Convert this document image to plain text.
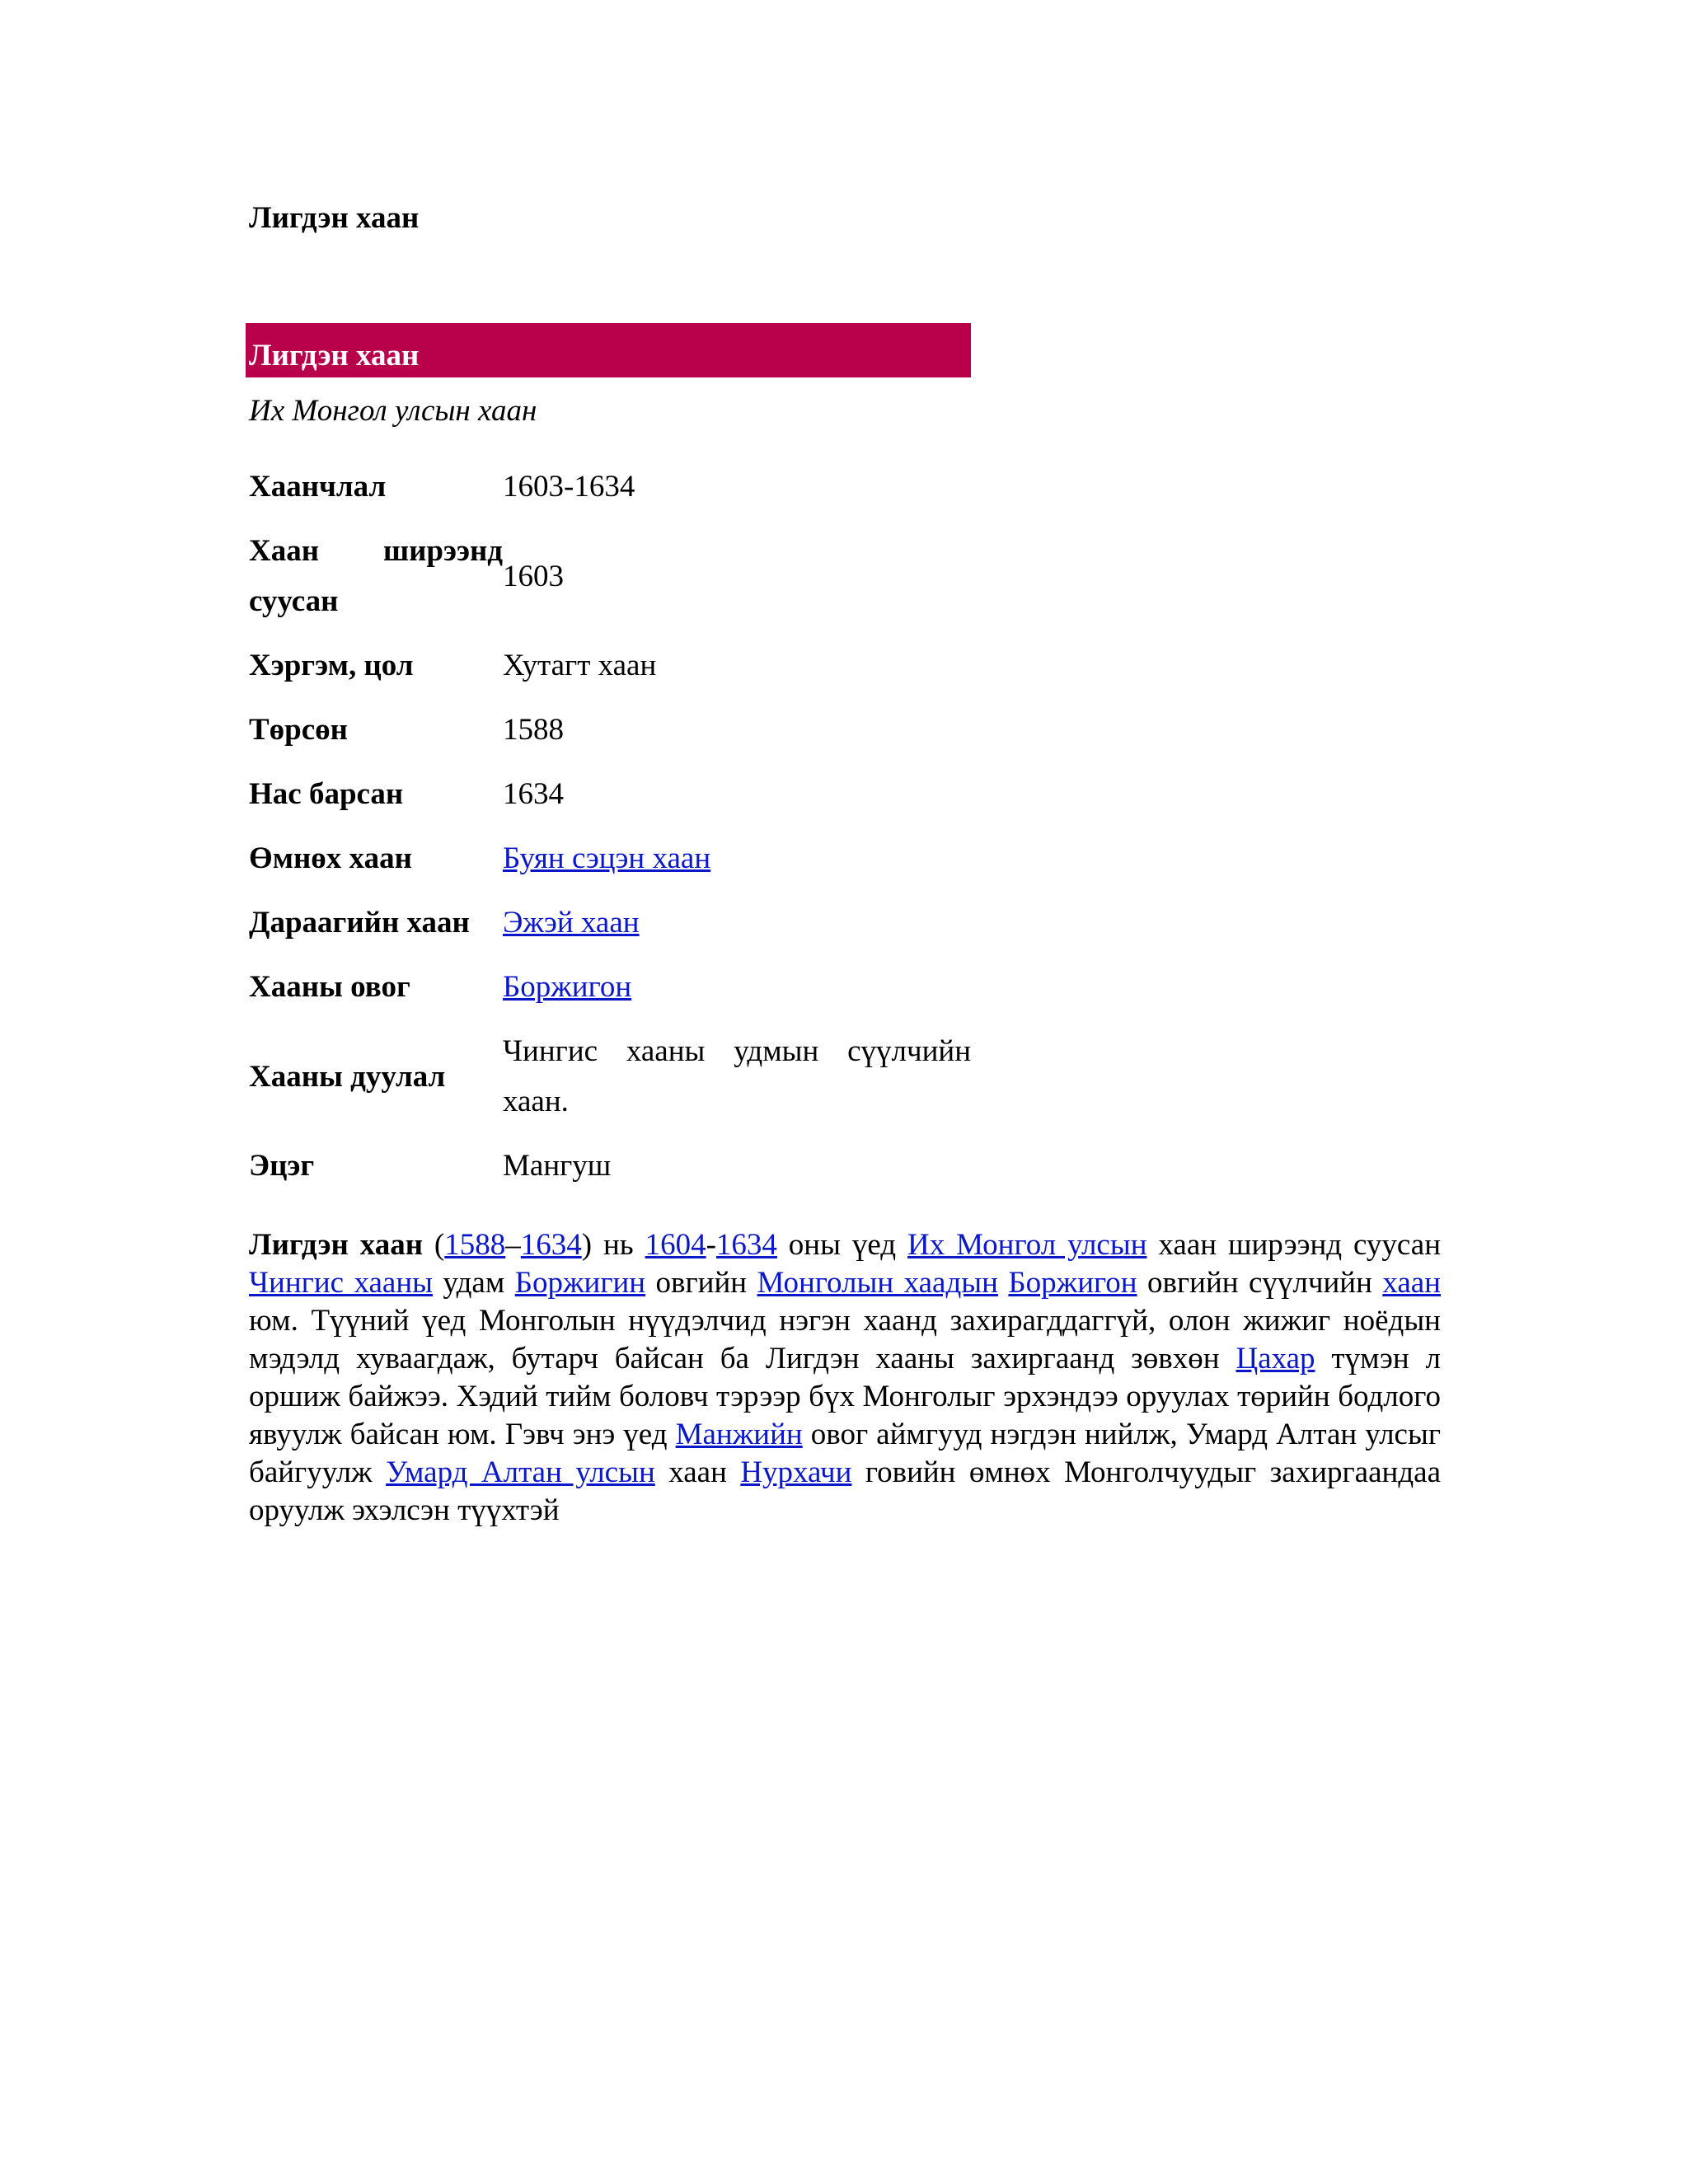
Лигдэн хаан
Лигдэн хаан
Их Монгол улсын хаан
Хаанчлал	1603-1634
Хаан ширээнд суусан	1603
Хэргэм, цол	Хутагт хаан
Төрсөн	1588
Нас барсан	1634
Өмнөх хаан	Буян сэцэн хаан
Дараагийн хаан	Эжэй хаан
Хааны овог	Боржигон
Хааны дуулал	Чингис хааны удмын сүүлчийн хаан.
Эцэг	Мангуш

Лигдэн хаан (1588–1634) нь 1604-1634 оны үед Их Монгол улсын хаан ширээнд суусан Чингис хааны удам Боржигин овгийн Монголын хаадын Боржигон овгийн сүүлчийн хаан юм. Түүний үед Монголын нүүдэлчид нэгэн хаанд захирагддаггүй, олон жижиг ноёдын мэдэлд хуваагдаж, бутарч байсан ба Лигдэн хааны захиргаанд зөвхөн Цахар түмэн л оршиж байжээ. Хэдий тийм боловч тэрээр бүх Монголыг эрхэндээ оруулах төрийн бодлого явуулж байсан юм. Гэвч энэ үед Манжийн овог аймгууд нэгдэн нийлж, Умард Алтан улсыг байгуулж Умард Алтан улсын хаан Нурхачи говийн өмнөх Монголчуудыг захиргаандаа оруулж эхэлсэн түүхтэй
